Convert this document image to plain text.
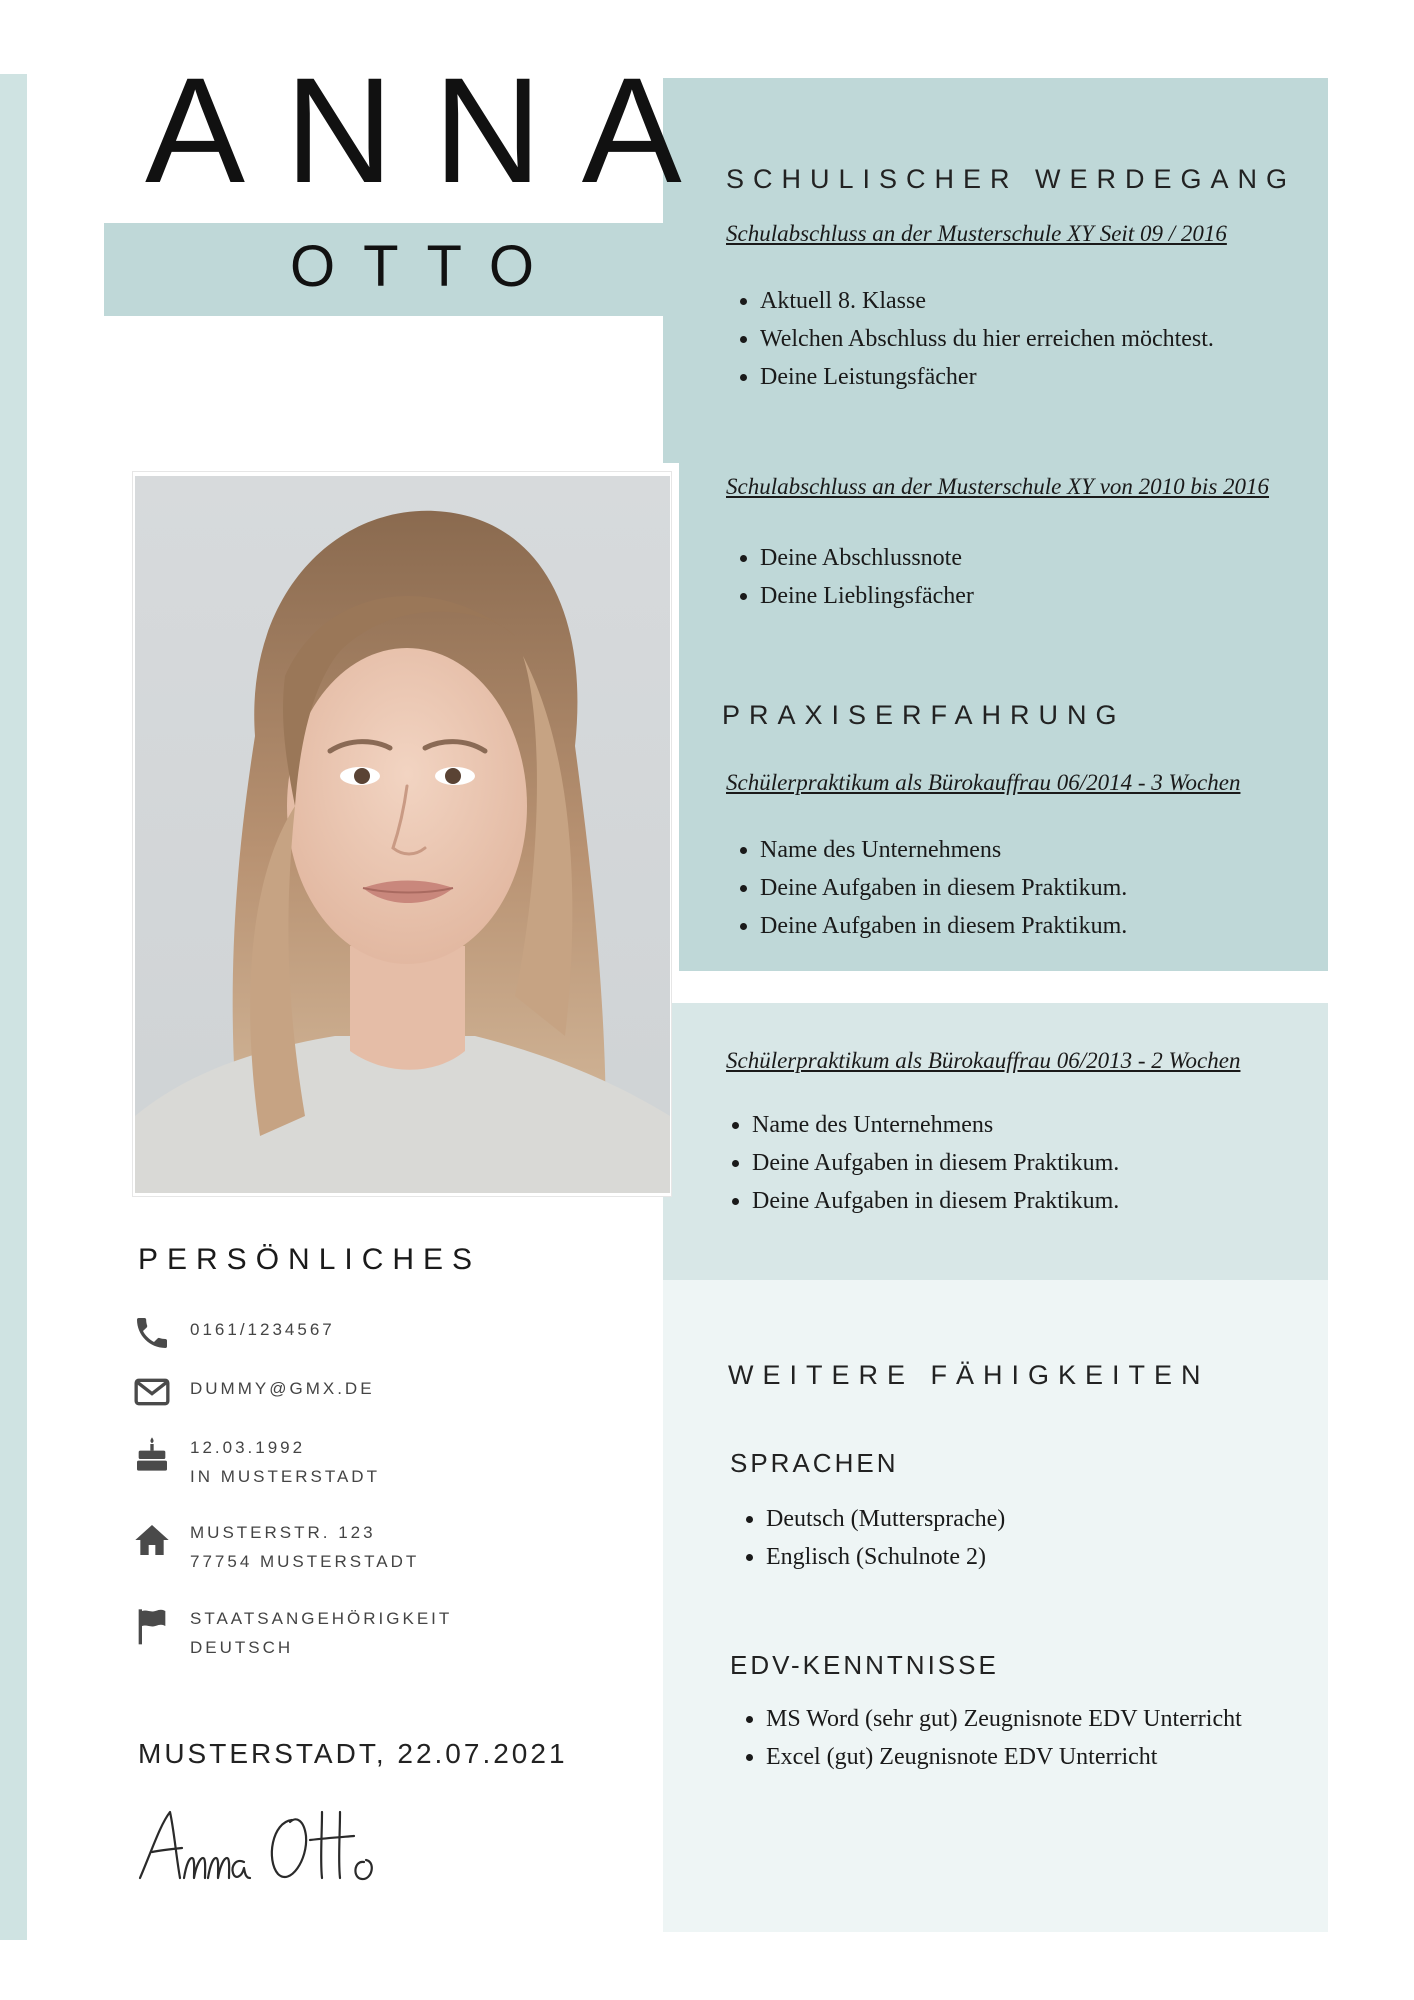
ANNA
OTTO
SCHULISCHER WERDEGANG
Schulabschluss an der Musterschule XY Seit 09 / 2016
• Aktuell 8. Klasse
• Welchen Abschluss du hier erreichen möchtest.
• Deine Leistungsfächer
Schulabschluss an der Musterschule XY von 2010 bis 2016
• Deine Abschlussnote
• Deine Lieblingsfächer
PRAXISERFAHRUNG
Schülerpraktikum als Bürokauffrau 06/2014 - 3 Wochen
• Name des Unternehmens
• Deine Aufgaben in diesem Praktikum.
• Deine Aufgaben in diesem Praktikum.
Schülerpraktikum als Bürokauffrau 06/2013 - 2 Wochen
• Name des Unternehmens
• Deine Aufgaben in diesem Praktikum.
• Deine Aufgaben in diesem Praktikum.
WEITERE FÄHIGKEITEN
SPRACHEN
• Deutsch (Muttersprache)
• Englisch (Schulnote 2)
EDV-KENNTNISSE
• MS Word (sehr gut) Zeugnisnote EDV Unterricht
• Excel (gut) Zeugnisnote EDV Unterricht
PERSÖNLICHES
0161/1234567
DUMMY@GMX.DE
12.03.1992
IN MUSTERSTADT
MUSTERSTR. 123
77754 MUSTERSTADT
STAATSANGEHÖRIGKEIT
DEUTSCH
MUSTERSTADT, 22.07.2021
